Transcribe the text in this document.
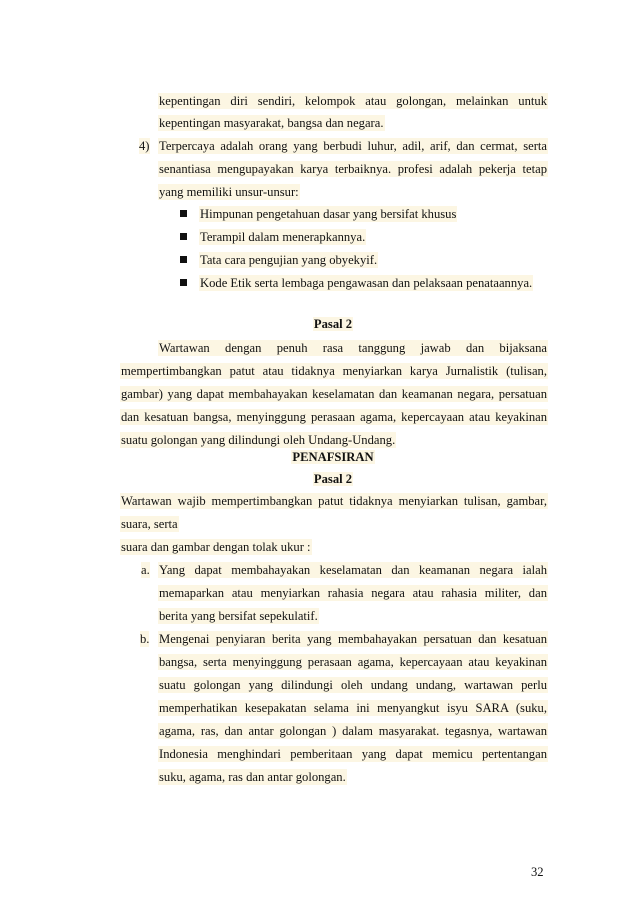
kepentingan diri sendiri, kelompok atau golongan, melainkan untuk
kepentingan masyarakat, bangsa dan negara.
4) Terpercaya adalah orang yang berbudi luhur, adil, arif, dan cermat, serta
senantiasa mengupayakan karya terbaiknya. profesi adalah pekerja tetap
yang memiliki unsur-unsur:
Himpunan pengetahuan dasar yang bersifat khusus
Terampil dalam menerapkannya.
Tata cara pengujian yang obyekyif.
Kode Etik serta lembaga pengawasan dan pelaksaan penataannya.
Pasal 2
Wartawan dengan penuh rasa tanggung jawab dan bijaksana
mempertimbangkan patut atau tidaknya menyiarkan karya Jurnalistik (tulisan,
gambar) yang dapat membahayakan keselamatan dan keamanan negara, persatuan
dan kesatuan bangsa, menyinggung perasaan agama, kepercayaan atau keyakinan
suatu golongan yang dilindungi oleh Undang-Undang.
PENAFSIRAN
Pasal 2
Wartawan wajib mempertimbangkan patut tidaknya menyiarkan tulisan, gambar,
suara, serta
suara dan gambar dengan tolak ukur :
a. Yang dapat membahayakan keselamatan dan keamanan negara ialah
memaparkan atau menyiarkan rahasia negara atau rahasia militer, dan
berita yang bersifat sepekulatif.
b. Mengenai penyiaran berita yang membahayakan persatuan dan kesatuan
bangsa, serta menyinggung perasaan agama, kepercayaan atau keyakinan
suatu golongan yang dilindungi oleh undang undang, wartawan perlu
memperhatikan kesepakatan selama ini menyangkut isyu SARA (suku,
agama, ras, dan antar golongan ) dalam masyarakat. tegasnya, wartawan
Indonesia menghindari pemberitaan yang dapat memicu pertentangan
suku, agama, ras dan antar golongan.
32
